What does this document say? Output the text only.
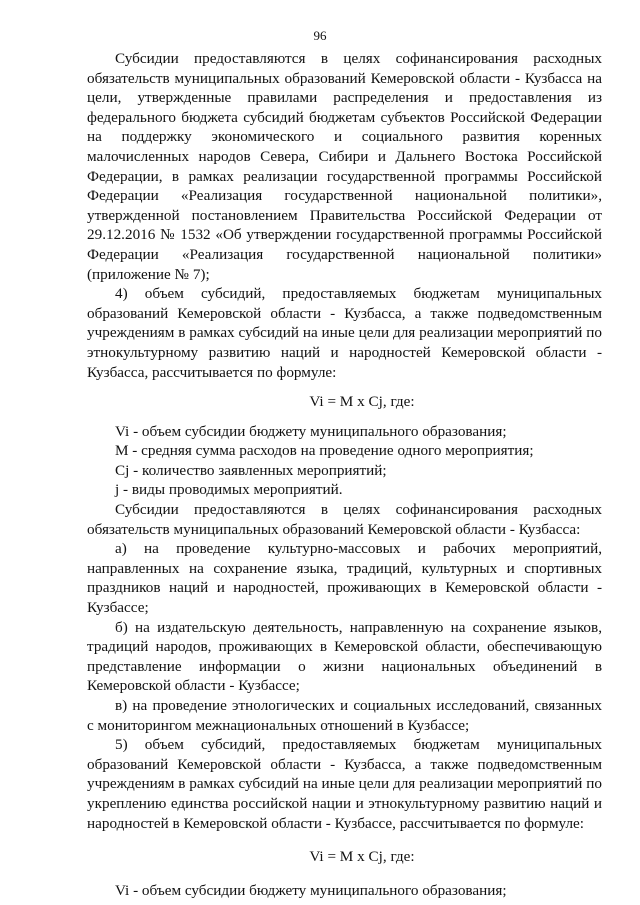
96

Субсидии предоставляются в целях софинансирования расходных обязательств муниципальных образований Кемеровской области - Кузбасса на цели, утвержденные правилами распределения и предоставления из федерального бюджета субсидий бюджетам субъектов Российской Федерации на поддержку экономического и социального развития коренных малочисленных народов Севера, Сибири и Дальнего Востока Российской Федерации, в рамках реализации государственной программы Российской Федерации «Реализация государственной национальной политики», утвержденной постановлением Правительства Российской Федерации от 29.12.2016 № 1532 «Об утверждении государственной программы Российской Федерации «Реализация государственной национальной политики» (приложение № 7);

4) объем субсидий, предоставляемых бюджетам муниципальных образований Кемеровской области - Кузбасса, а также подведомственным учреждениям в рамках субсидий на иные цели для реализации мероприятий по этнокультурному развитию наций и народностей Кемеровской области - Кузбасса, рассчитывается по формуле:

Vi = M x Cj, где:

Vi - объем субсидии бюджету муниципального образования;

M - средняя сумма расходов на проведение одного мероприятия;

Cj - количество заявленных мероприятий;

j - виды проводимых мероприятий.

Субсидии предоставляются в целях софинансирования расходных обязательств муниципальных образований Кемеровской области - Кузбасса:

а) на проведение культурно-массовых и рабочих мероприятий, направленных на сохранение языка, традиций, культурных и спортивных праздников наций и народностей, проживающих в Кемеровской области - Кузбассе;

б) на издательскую деятельность, направленную на сохранение языков, традиций народов, проживающих в Кемеровской области, обеспечивающую представление информации о жизни национальных объединений в Кемеровской области - Кузбассе;

в) на проведение этнологических и социальных исследований, связанных с мониторингом межнациональных отношений в Кузбассе;

5) объем субсидий, предоставляемых бюджетам муниципальных образований Кемеровской области - Кузбасса, а также подведомственным учреждениям в рамках субсидий на иные цели для реализации мероприятий по укреплению единства российской нации и этнокультурному развитию наций и народностей в Кемеровской области - Кузбассе, рассчитывается по формуле:

Vi = M x Cj, где:

Vi - объем субсидии бюджету муниципального образования;
